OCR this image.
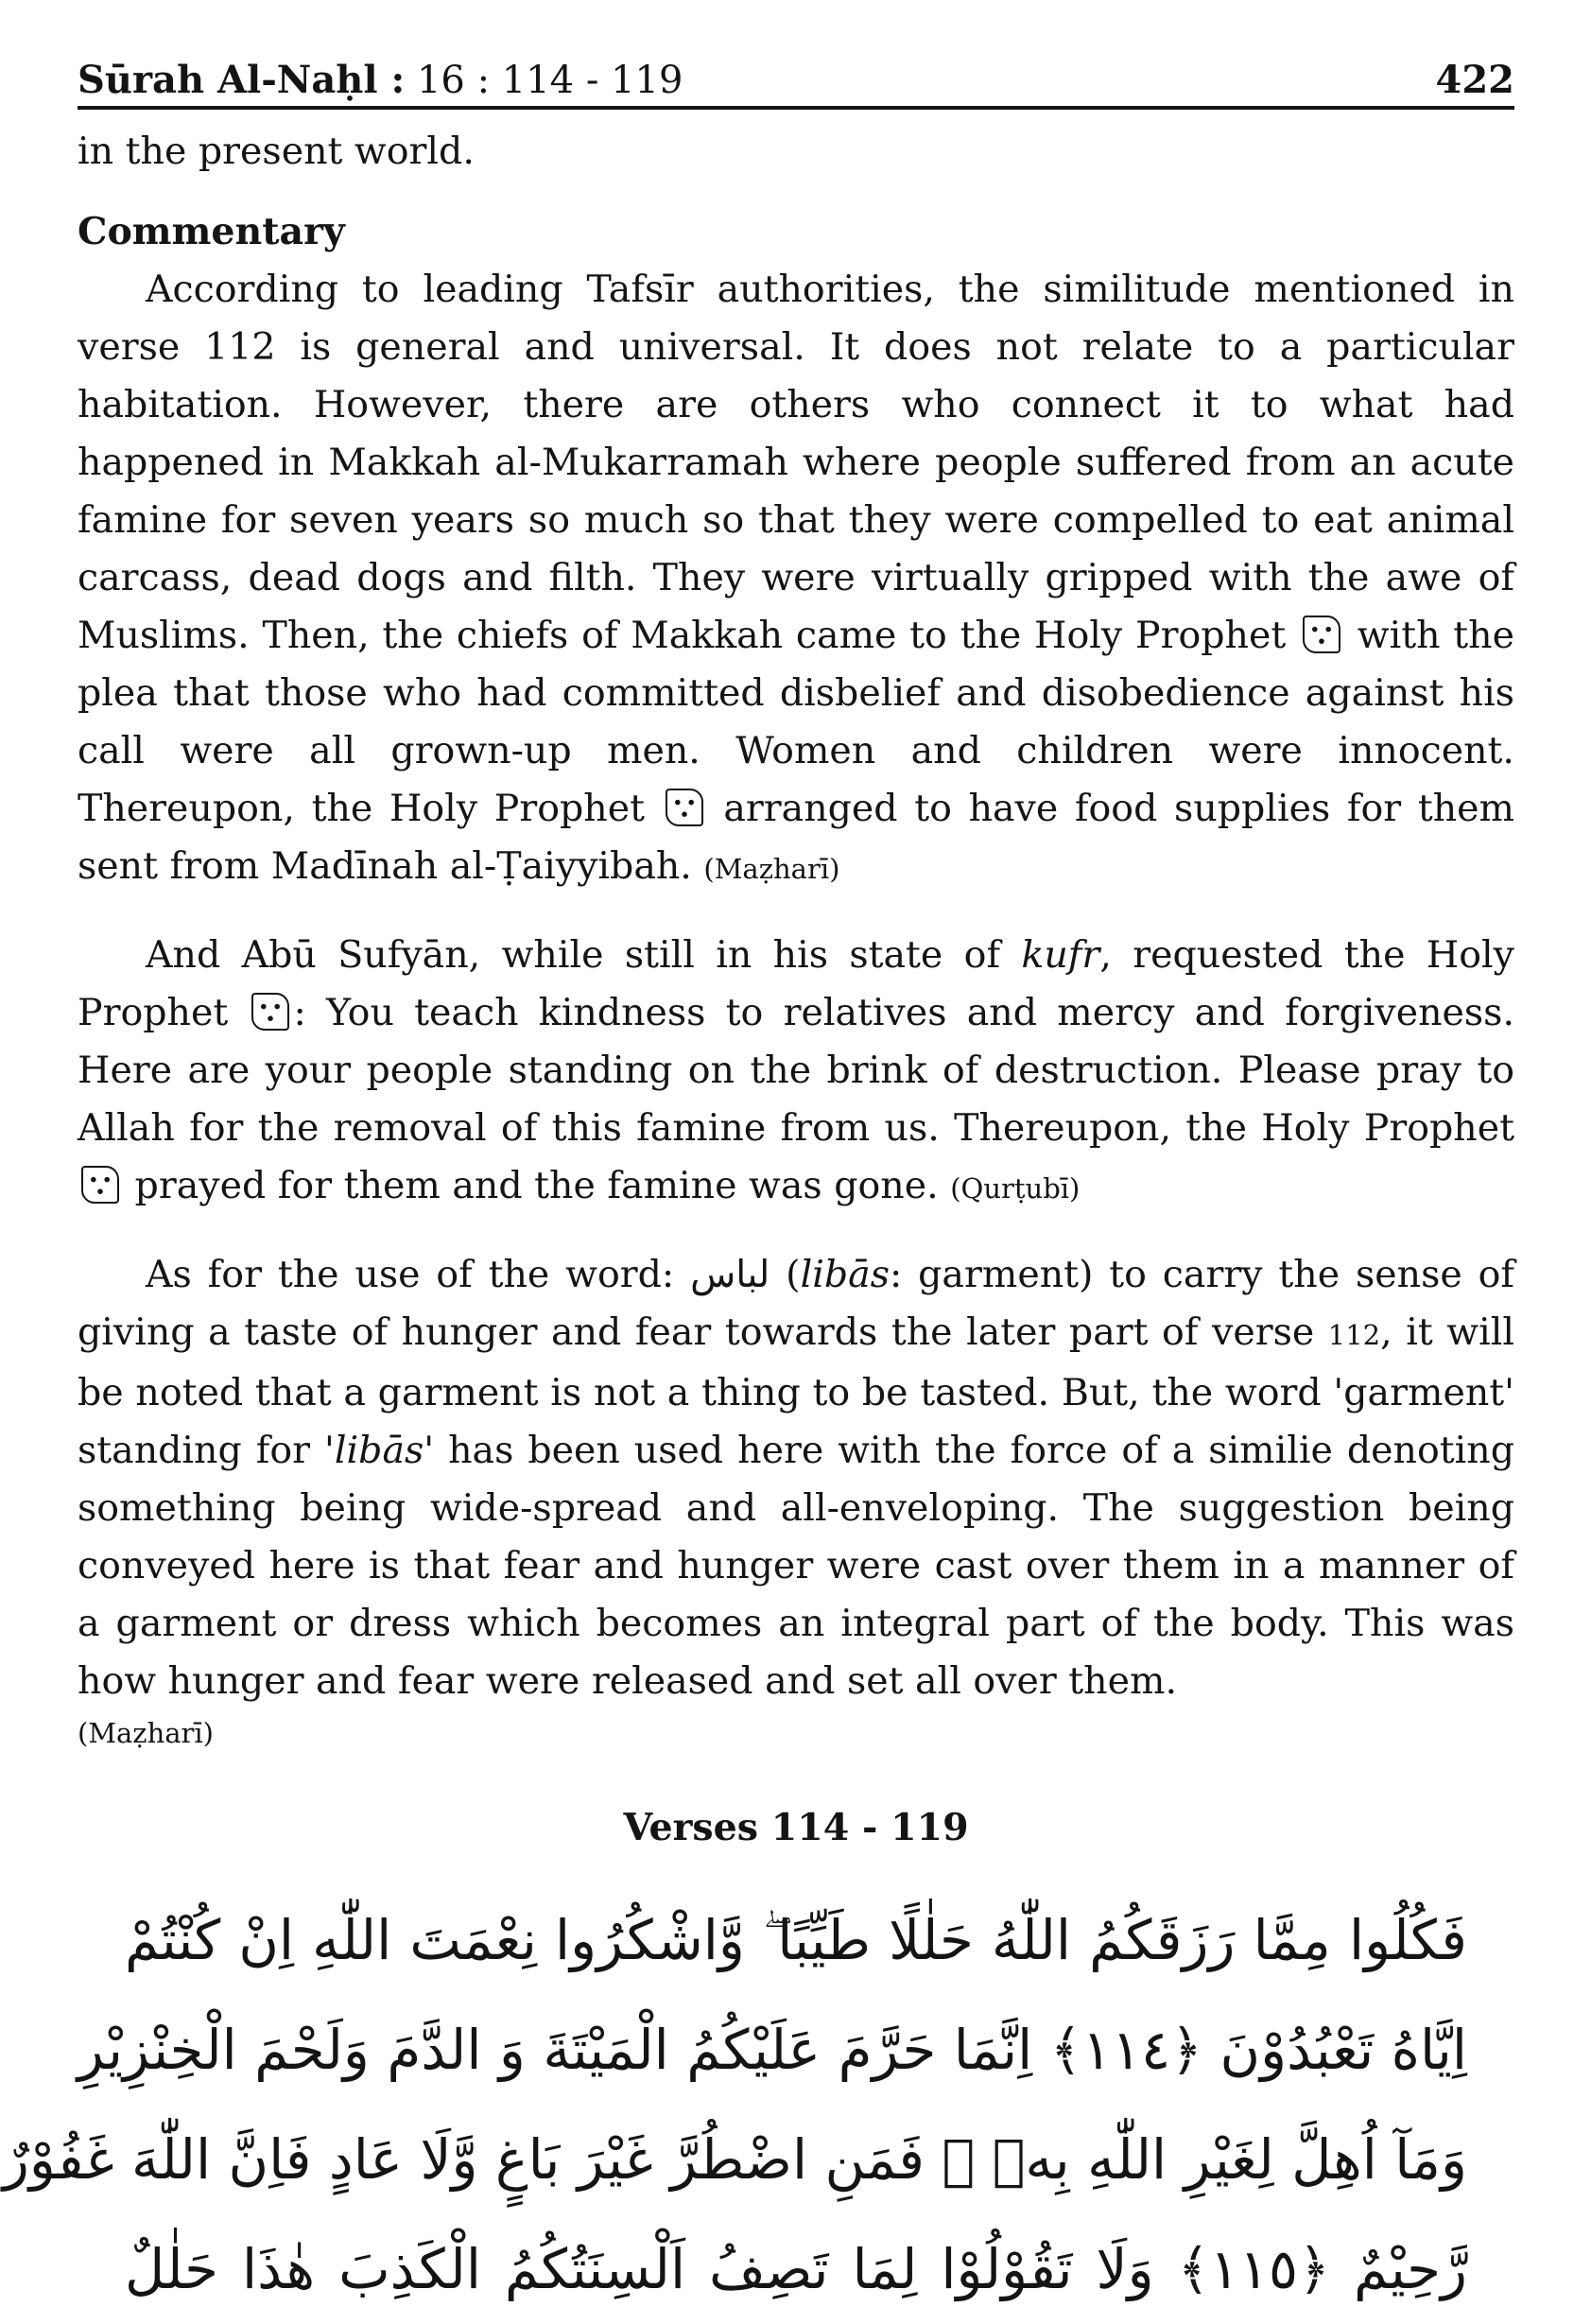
Sūrah Al-Naḥl : 16 : 114 - 119	422

in the present world.

Commentary

According to leading Tafsīr authorities, the similitude mentioned in verse 112 is general and universal. It does not relate to a particular habitation. However, there are others who connect it to what had happened in Makkah al-Mukarramah where people suffered from an acute famine for seven years so much so that they were compelled to eat animal carcass, dead dogs and filth. They were virtually gripped with the awe of Muslims. Then, the chiefs of Makkah came to the Holy Prophet  with the plea that those who had committed disbelief and disobedience against his call were all grown-up men. Women and children were innocent. Thereupon, the Holy Prophet  arranged to have food supplies for them sent from Madīnah al-Ṭaiyyibah. (Maẓharī)

And Abū Sufyān, while still in his state of kufr, requested the Holy Prophet : You teach kindness to relatives and mercy and forgiveness. Here are your people standing on the brink of destruction. Please pray to Allah for the removal of this famine from us. Thereupon, the Holy Prophet  prayed for them and the famine was gone. (Qurṭubī)

As for the use of the word: لباس (libās: garment) to carry the sense of giving a taste of hunger and fear towards the later part of verse 112, it will be noted that a garment is not a thing to be tasted. But, the word 'garment' standing for 'libās' has been used here with the force of a similie denoting something being wide-spread and all-enveloping. The suggestion being conveyed here is that fear and hunger were cast over them in a manner of a garment or dress which becomes an integral part of the body. This was how hunger and fear were released and set all over them.

(Maẓharī)
Verses 114 - 119
فَكُلُوا مِمَّا رَزَقَكُمُ اللّٰهُ حَلٰلًا طَيِّبًا ۖ وَّاشْكُرُوا نِعْمَتَ اللّٰهِ اِنْ كُنْتُمْ
اِيَّاهُ تَعْبُدُوْنَ ﴿١١٤﴾ اِنَّمَا حَرَّمَ عَلَيْكُمُ الْمَيْتَةَ وَ الدَّمَ وَلَحْمَ الْخِنْزِيْرِ
وَمَآ اُهِلَّ لِغَيْرِ اللّٰهِ بِهٖ ۚ فَمَنِ اضْطُرَّ غَيْرَ بَاغٍ وَّلَا عَادٍ فَاِنَّ اللّٰهَ غَفُوْرٌ
رَّحِيْمٌ ﴿١١٥﴾ وَلَا تَقُوْلُوْا لِمَا تَصِفُ اَلْسِنَتُكُمُ الْكَذِبَ هٰذَا حَلٰلٌ
